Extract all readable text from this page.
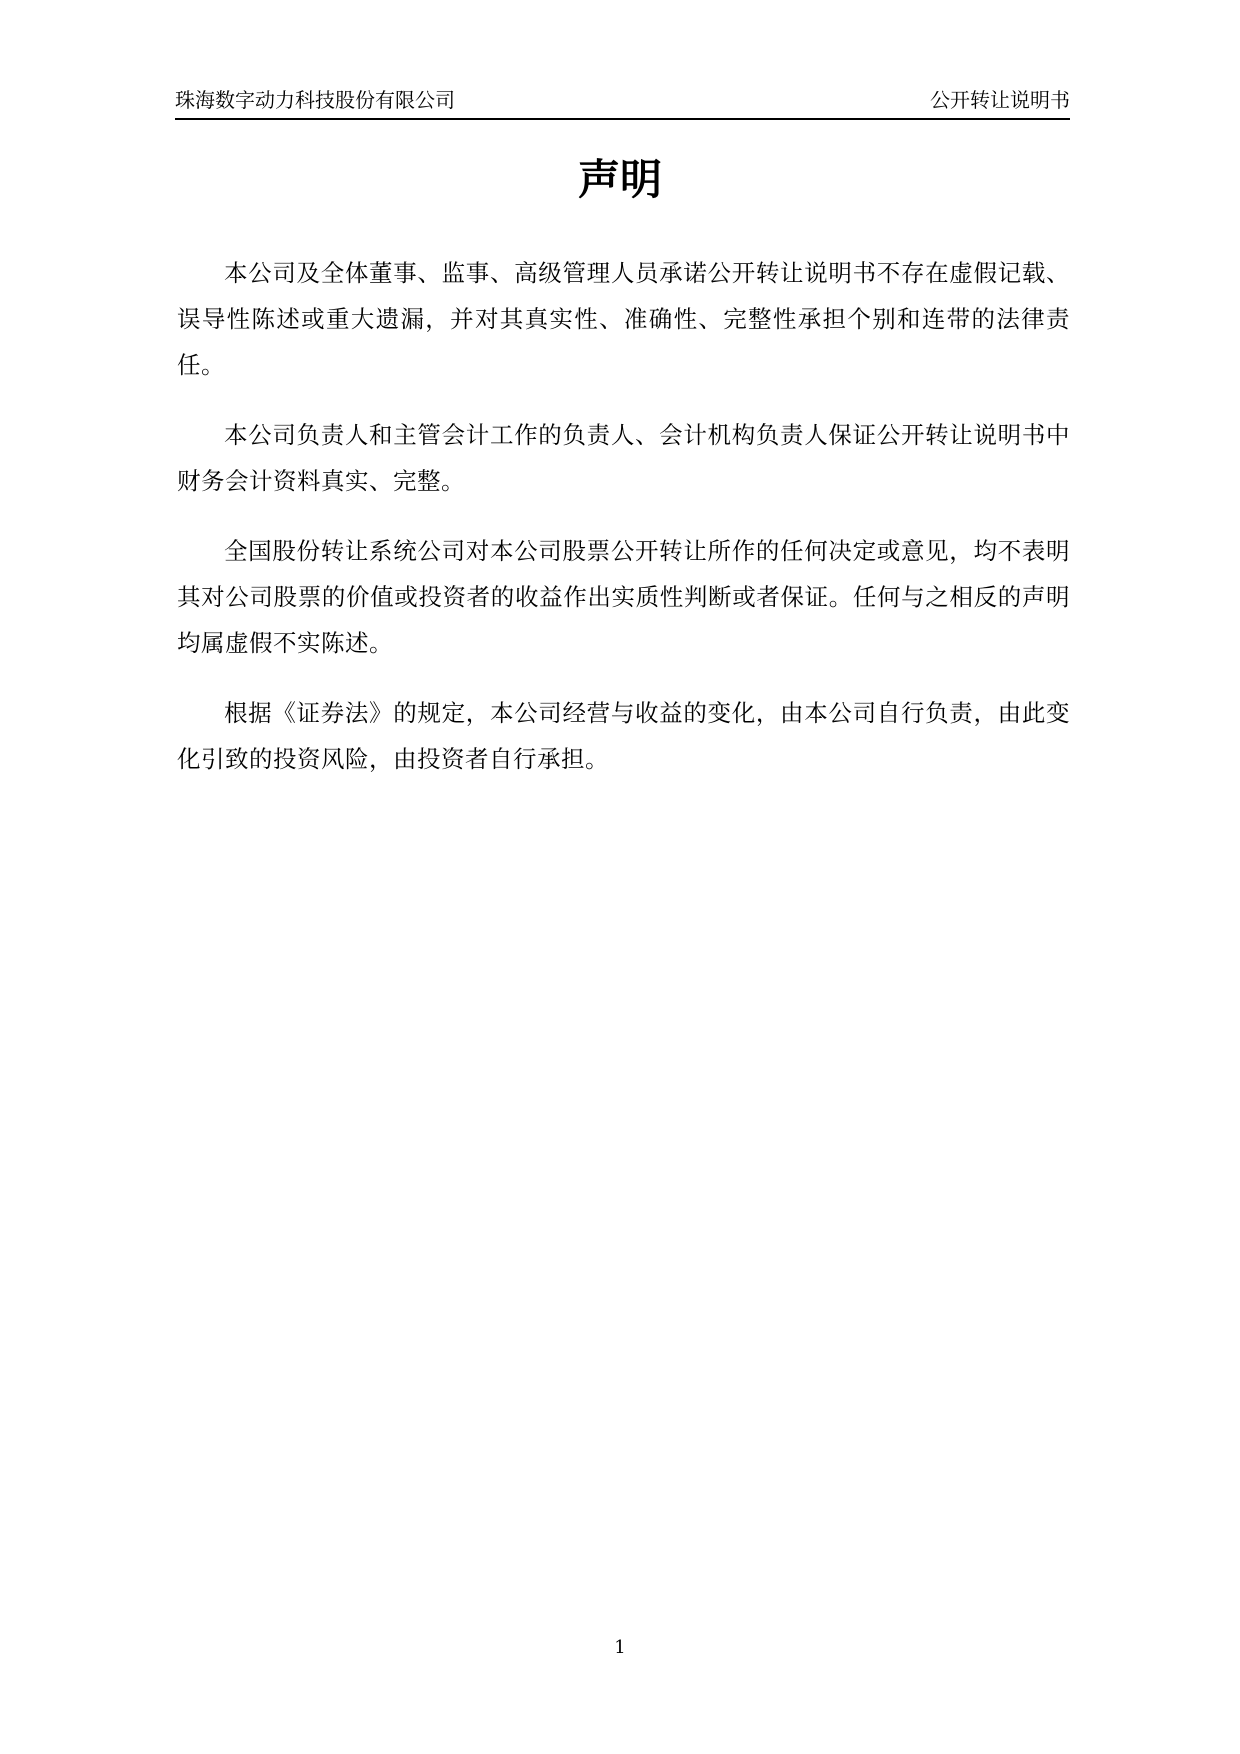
珠海数字动力科技股份有限公司	公开转让说明书
声明

本公司及全体董事、监事、高级管理人员承诺公开转让说明书不存在虚假记载、误导性陈述或重大遗漏，并对其真实性、准确性、完整性承担个别和连带的法律责任。

本公司负责人和主管会计工作的负责人、会计机构负责人保证公开转让说明书中财务会计资料真实、完整。

全国股份转让系统公司对本公司股票公开转让所作的任何决定或意见，均不表明其对公司股票的价值或投资者的收益作出实质性判断或者保证。任何与之相反的声明均属虚假不实陈述。

根据《证券法》的规定，本公司经营与收益的变化，由本公司自行负责，由此变化引致的投资风险，由投资者自行承担。

1
